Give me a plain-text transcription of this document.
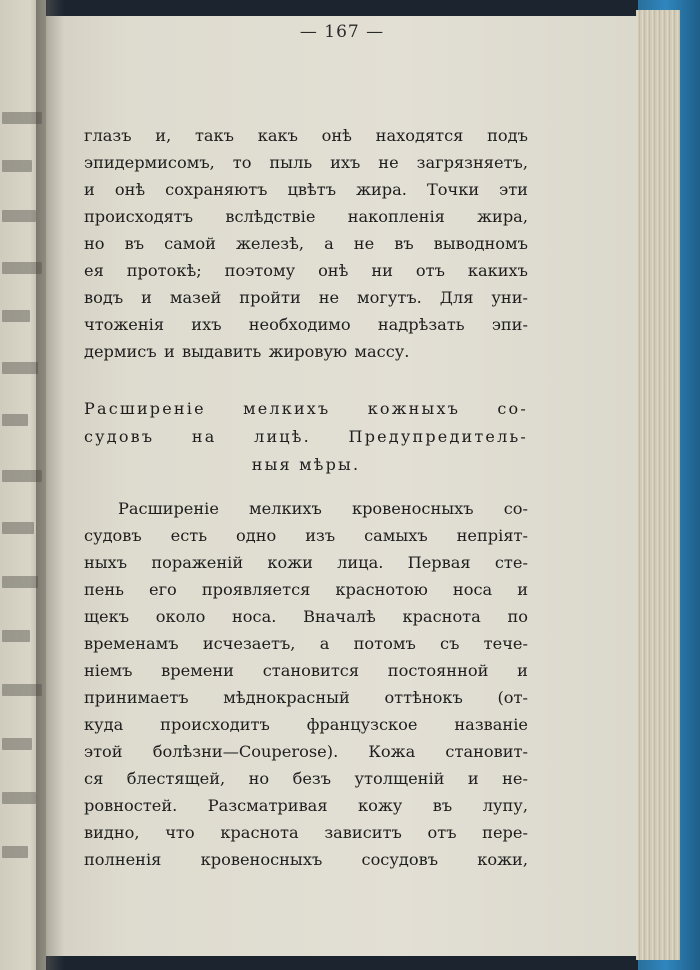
— 167 —
глазъ и, такъ какъ онѣ находятся подъ
эпидермисомъ, то пыль ихъ не загрязняетъ,
и онѣ сохраняютъ цвѣтъ жира. Точки эти
происходятъ вслѣдствіе накопленія жира,
но въ самой железѣ, а не въ выводномъ
ея протокѣ; поэтому онѣ ни отъ какихъ
водъ и мазей пройти не могутъ. Для уни-
чтоженія ихъ необходимо надрѣзать эпи-
дермисъ и выдавить жировую массу.
Расширеніе мелкихъ кожныхъ со-
судовъ на лицѣ. Предупредитель-
ныя мѣры.
Расширеніе мелкихъ кровеносныхъ со-
судовъ есть одно изъ самыхъ непріят-
ныхъ пораженій кожи лица. Первая сте-
пень его проявляется краснотою носа и
щекъ около носа. Вначалѣ краснота по
временамъ исчезаетъ, а потомъ съ тече-
ніемъ времени становится постоянной и
принимаетъ мѣднокрасный оттѣнокъ (от-
куда происходитъ французское названіе
этой болѣзни—Couperose). Кожа становит-
ся блестящей, но безъ утолщеній и не-
ровностей. Разсматривая кожу въ лупу,
видно, что краснота зависитъ отъ пере-
полненія кровеносныхъ сосудовъ кожи,
